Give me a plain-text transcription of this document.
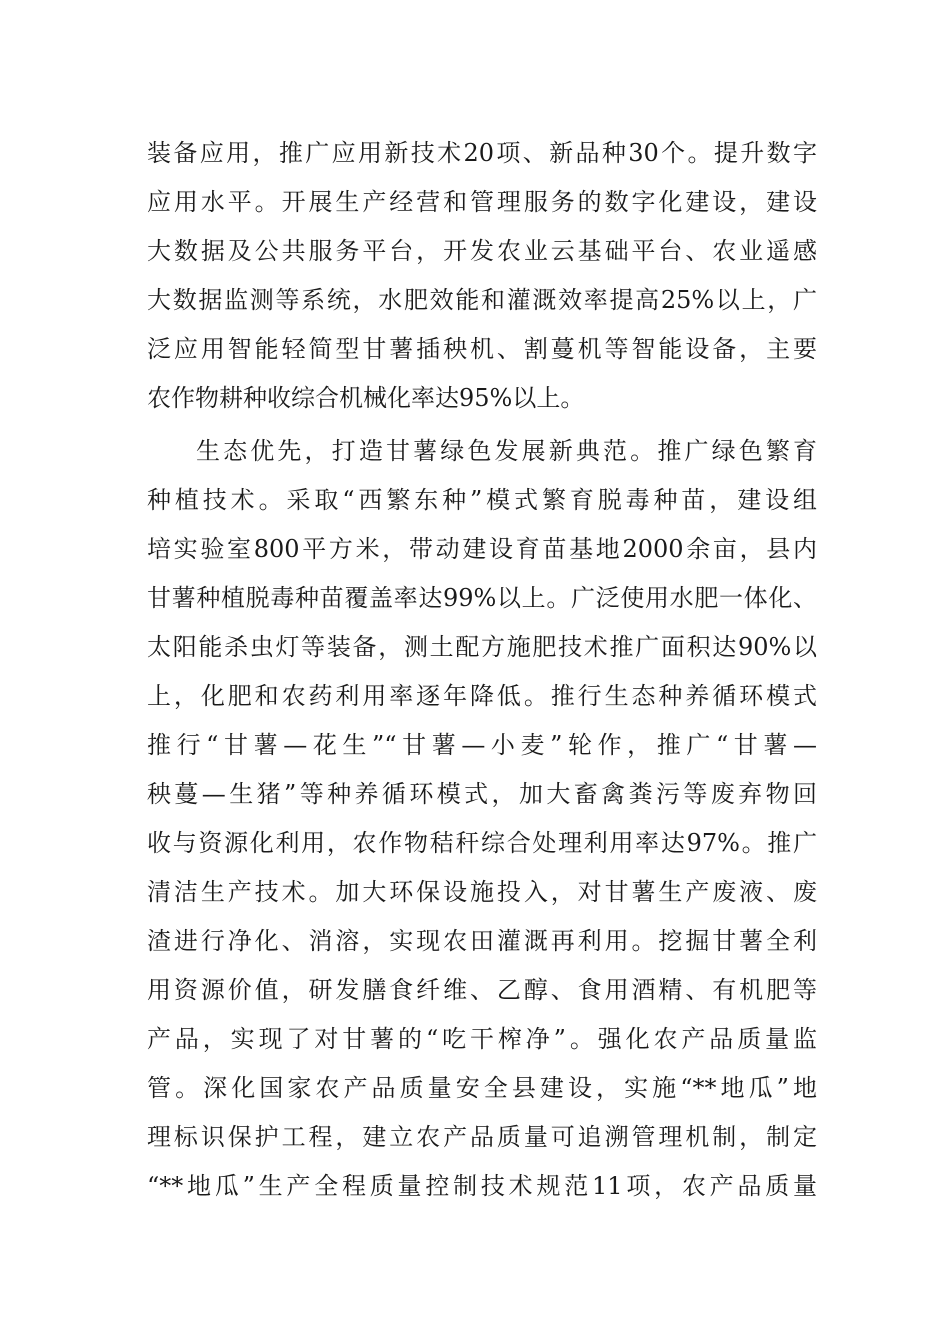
装备应用，推广应用新技术20项、新品种30个。提升数字
应用水平。开展生产经营和管理服务的数字化建设，建设
大数据及公共服务平台，开发农业云基础平台、农业遥感
大数据监测等系统，水肥效能和灌溉效率提高25%以上，广
泛应用智能轻简型甘薯插秧机、割蔓机等智能设备，主要
农作物耕种收综合机械化率达95%以上。
生态优先，打造甘薯绿色发展新典范。推广绿色繁育
种植技术。采取“西繁东种”模式繁育脱毒种苗，建设组
培实验室800平方米，带动建设育苗基地2000余亩，县内
甘薯种植脱毒种苗覆盖率达99%以上。广泛使用水肥一体化、
太阳能杀虫灯等装备，测土配方施肥技术推广面积达90%以
上，化肥和农药利用率逐年降低。推行生态种养循环模式
推行“甘薯—花生”“甘薯—小麦”轮作，推广“甘薯—
秧蔓—生猪”等种养循环模式，加大畜禽粪污等废弃物回
收与资源化利用，农作物秸秆综合处理利用率达97%。推广
清洁生产技术。加大环保设施投入，对甘薯生产废液、废
渣进行净化、消溶，实现农田灌溉再利用。挖掘甘薯全利
用资源价值，研发膳食纤维、乙醇、食用酒精、有机肥等
产品，实现了对甘薯的“吃干榨净”。强化农产品质量监
管。深化国家农产品质量安全县建设，实施“**地瓜”地
理标识保护工程，建立农产品质量可追溯管理机制，制定
“**地瓜”生产全程质量控制技术规范11项，农产品质量
